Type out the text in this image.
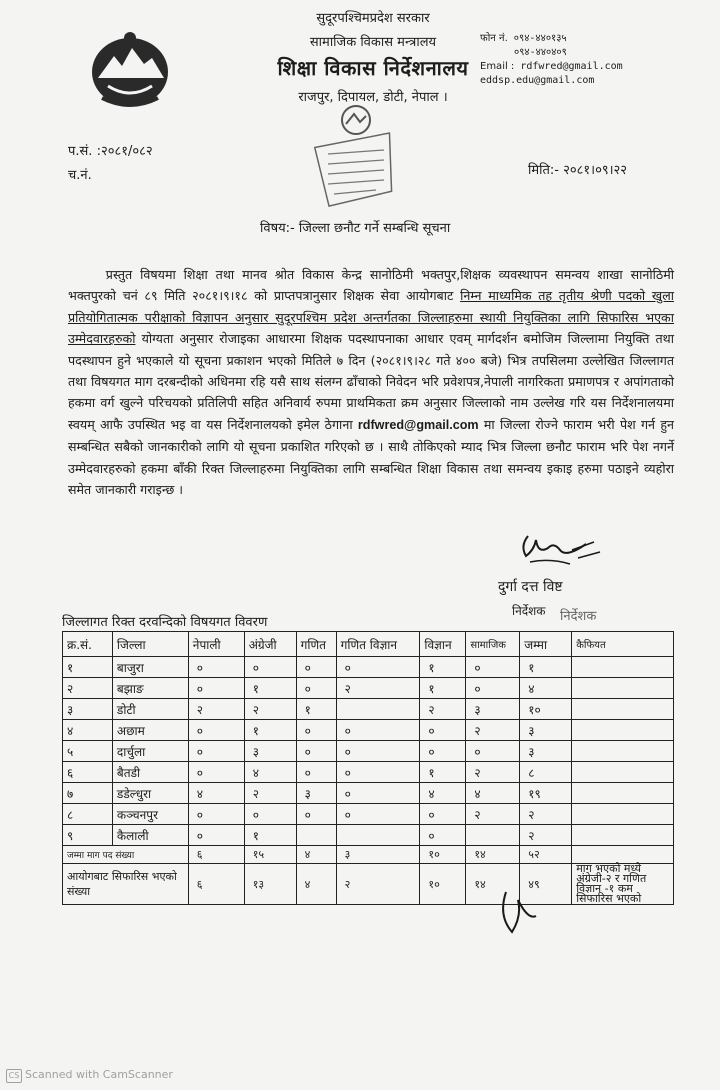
सुदूरपश्चिमप्रदेश सरकार
सामाजिक विकास मन्त्रालय
शिक्षा विकास निर्देशनालय
राजपुर, दिपायल, डोटी, नेपाल ।
फोन नं. ०९४-४४०१३५
०९४-४४०४०९
Email : rdfwred@gmail.com
eddsp.edu@gmail.com
प.सं. :२०८१/०८२
च.नं.	मिति:- २०८१।०९।२२
विषय:- जिल्ला छनौट गर्ने सम्बन्धि सूचना
   प्रस्तुत विषयमा शिक्षा तथा मानव श्रोत विकास केन्द्र सानोठिमी भक्तपुर,शिक्षक व्यवस्थापन समन्वय शाखा सानोठिमी भक्तपुरको चनं ८९ मिति २०८१।९।१८ को प्राप्तपत्रानुसार शिक्षक सेवा आयोगबाट निम्न माध्यमिक तह तृतीय श्रेणी पदको खुला प्रतियोगितात्मक परीक्षाको विज्ञापन अनुसार सुदूरपश्चिम प्रदेश अन्तर्गतका जिल्लाहरुमा स्थायी नियुक्तिका लागि सिफारिस भएका उम्मेदवारहरुको योग्यता अनुसार रोजाइका आधारमा शिक्षक पदस्थापनाका आधार एवम् मार्गदर्शन बमोजिम जिल्लामा नियुक्ति तथा पदस्थापन हुने भएकाले यो सूचना प्रकाशन भएको मितिले ७ दिन (२०८१।९।२८ गते ४०० बजे) भित्र तपसिलमा उल्लेखित जिल्लागत तथा विषयगत माग दरबन्दीको अधिनमा रहि यसै साथ संलग्न ढाँचाको निवेदन भरि प्रवेशपत्र,नेपाली नागरिकता प्रमाणपत्र र अपांगताको हकमा वर्ग खुल्ने परिचयको प्रतिलिपी सहित अनिवार्य रुपमा प्राथमिकता क्रम अनुसार जिल्लाको नाम उल्लेख गरि यस निर्देशनालयमा स्वयम् आफै उपस्थित भइ वा यस निर्देशनालयको इमेल ठेगाना rdfwred@gmail.com मा जिल्ला रोज्ने फाराम भरी पेश गर्न हुन सम्बन्धित सबैको जानकारीको लागि यो सूचना प्रकाशित गरिएको छ । साथै तोकिएको म्याद भित्र जिल्ला छनौट फाराम भरि पेश नगर्ने उम्मेदवारहरुको हकमा बाँकी रिक्त जिल्लाहरुमा नियुक्तिका लागि सम्बन्धित शिक्षा विकास तथा समन्वय इकाइ हरुमा पठाइने व्यहोरा समेत जानकारी गराइन्छ ।
दुर्गा दत्त विष्ट
निर्देशक निर्देशक
जिल्लागत रिक्त दरवन्दिको विषयगत विवरण
क्र.सं.	जिल्ला	नेपाली	अंग्रेजी	गणित	गणित विज्ञान	विज्ञान	सामाजिक	जम्मा	कैफियत
१	बाजुरा	०	०	०	०	१	०	१	
२	बझाङ	०	१	०	२	१	०	४	
३	डोटी	२	२	१		२	३	१०	
४	अछाम	०	१	०	०	०	२	३	
५	दार्चुला	०	३	०	०	०	०	३	
६	बैतडी	०	४	०	०	१	२	८	
७	डडेल्धुरा	४	२	३	०	४	४	१९	
८	कञ्चनपुर	०	०	०	०	०	२	२	
९	कैलाली	०	१			०		२	
जम्मा माग पद संख्या		६	१५	४	३	१०	१४	५२	
आयोगबाट सिफारिस भएको संख्या		६	१३	४	२	१०	१४	४९	माग भएको मध्ये अंग्रेजी-२ र गणित विज्ञान -१ कम सिफारिस भएको
CS Scanned with CamScanner
